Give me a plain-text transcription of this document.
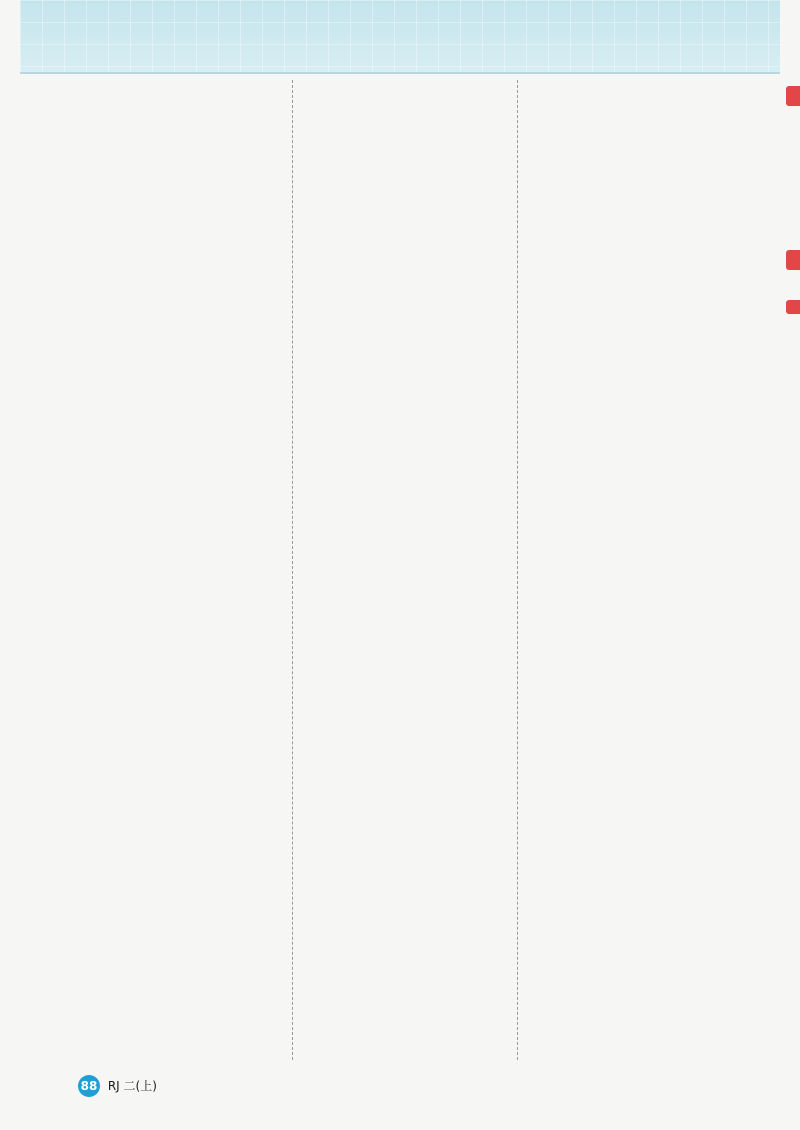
88 RJ 二(上)
